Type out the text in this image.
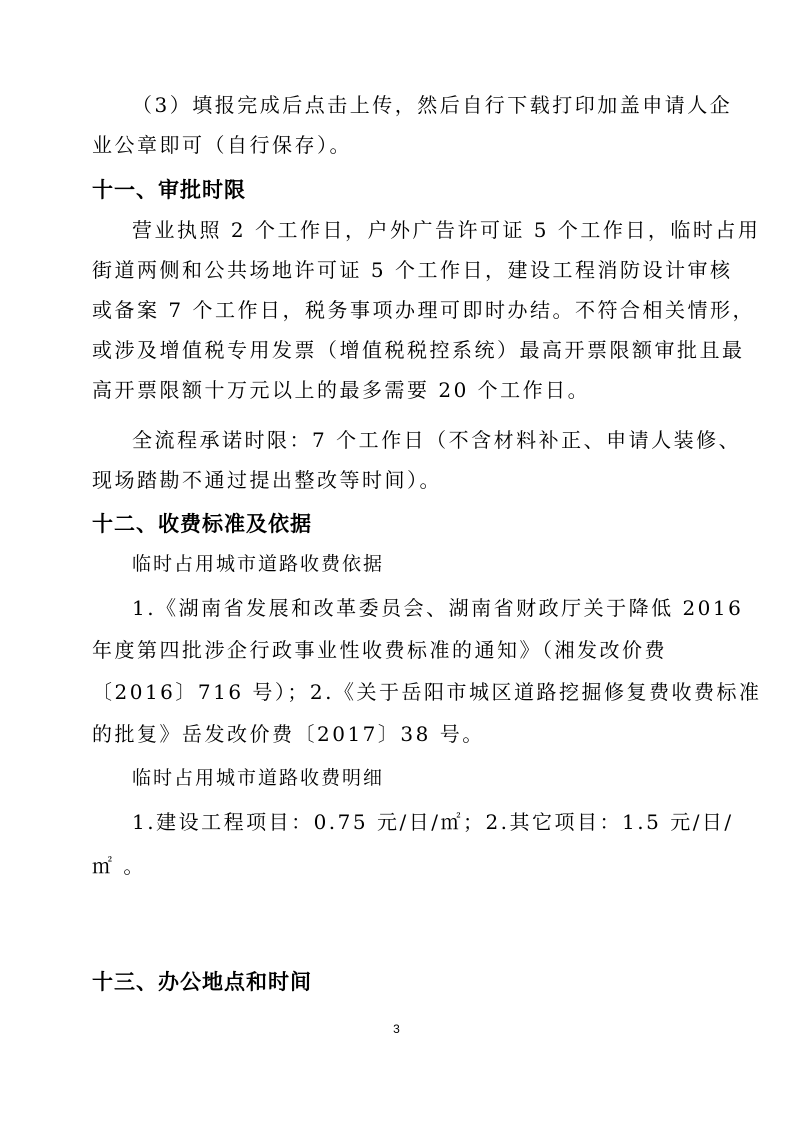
（3）填报完成后点击上传，然后自行下载打印加盖申请人企
业公章即可（自行保存）。
十一、审批时限
营业执照 2 个工作日，户外广告许可证 5 个工作日，临时占用
街道两侧和公共场地许可证 5 个工作日，建设工程消防设计审核
或备案 7 个工作日，税务事项办理可即时办结。不符合相关情形，
或涉及增值税专用发票（增值税税控系统）最高开票限额审批且最
高开票限额十万元以上的最多需要 20 个工作日。
全流程承诺时限：7 个工作日（不含材料补正、申请人装修、
现场踏勘不通过提出整改等时间）。
十二、收费标准及依据
临时占用城市道路收费依据
1.《湖南省发展和改革委员会、湖南省财政厅关于降低 2016
年度第四批涉企行政事业性收费标准的通知》（湘发改价费
〔2016〕716 号）；2.《关于岳阳市城区道路挖掘修复费收费标准
的批复》岳发改价费〔2017〕38 号。
临时占用城市道路收费明细
1.建设工程项目：0.75 元/日/㎡；2.其它项目：1.5 元/日/
㎡ 。
十三、办公地点和时间
3
